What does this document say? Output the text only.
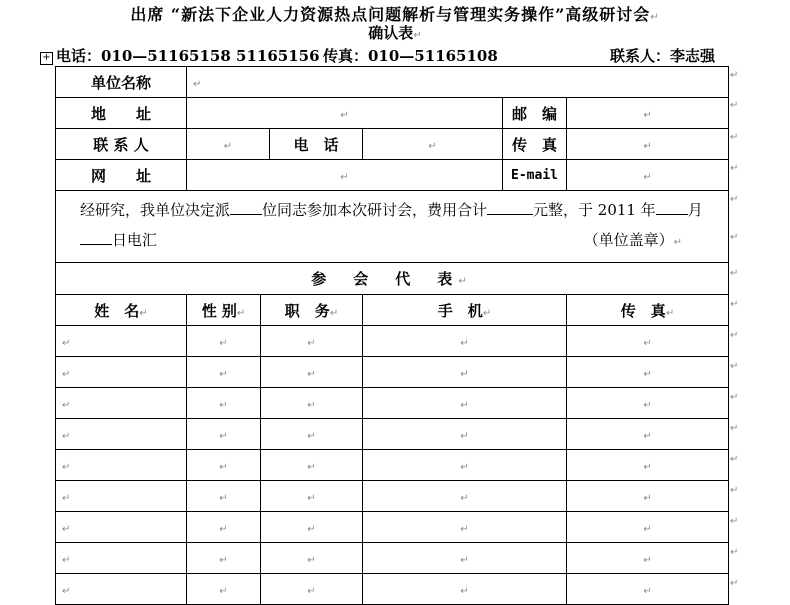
出席 “新法下企业人力资源热点问题解析与管理实务操作”高级研讨会↵
确认表↵
+ 电话：010—51165158 51165156 传真：010—51165108	联系人：李志强
单位名称	↵					
地　　址	↵				邮　编	↵
联 系 人	↵		电　话	↵	传　真	↵
网　　址	↵				E-mail	↵
经研究，我单位决定派 位同志参加本次研讨会，费用合计 元整，于 2011 年 月
日电汇 （单位盖章）↵						

参　会　代　表↵						
姓　名↵	性 别↵	职　务↵		手　机↵		传　真↵
↵	↵	↵		↵		↵
↵	↵	↵		↵		↵
↵	↵	↵		↵		↵
↵	↵	↵		↵		↵
↵	↵	↵		↵		↵
↵	↵	↵		↵		↵
↵	↵	↵		↵		↵
↵	↵	↵		↵		↵
↵	↵	↵		↵		↵
↵
↵
↵
↵
↵
↵
↵
↵
↵
↵
↵
↵
↵
↵
↵
↵
↵
